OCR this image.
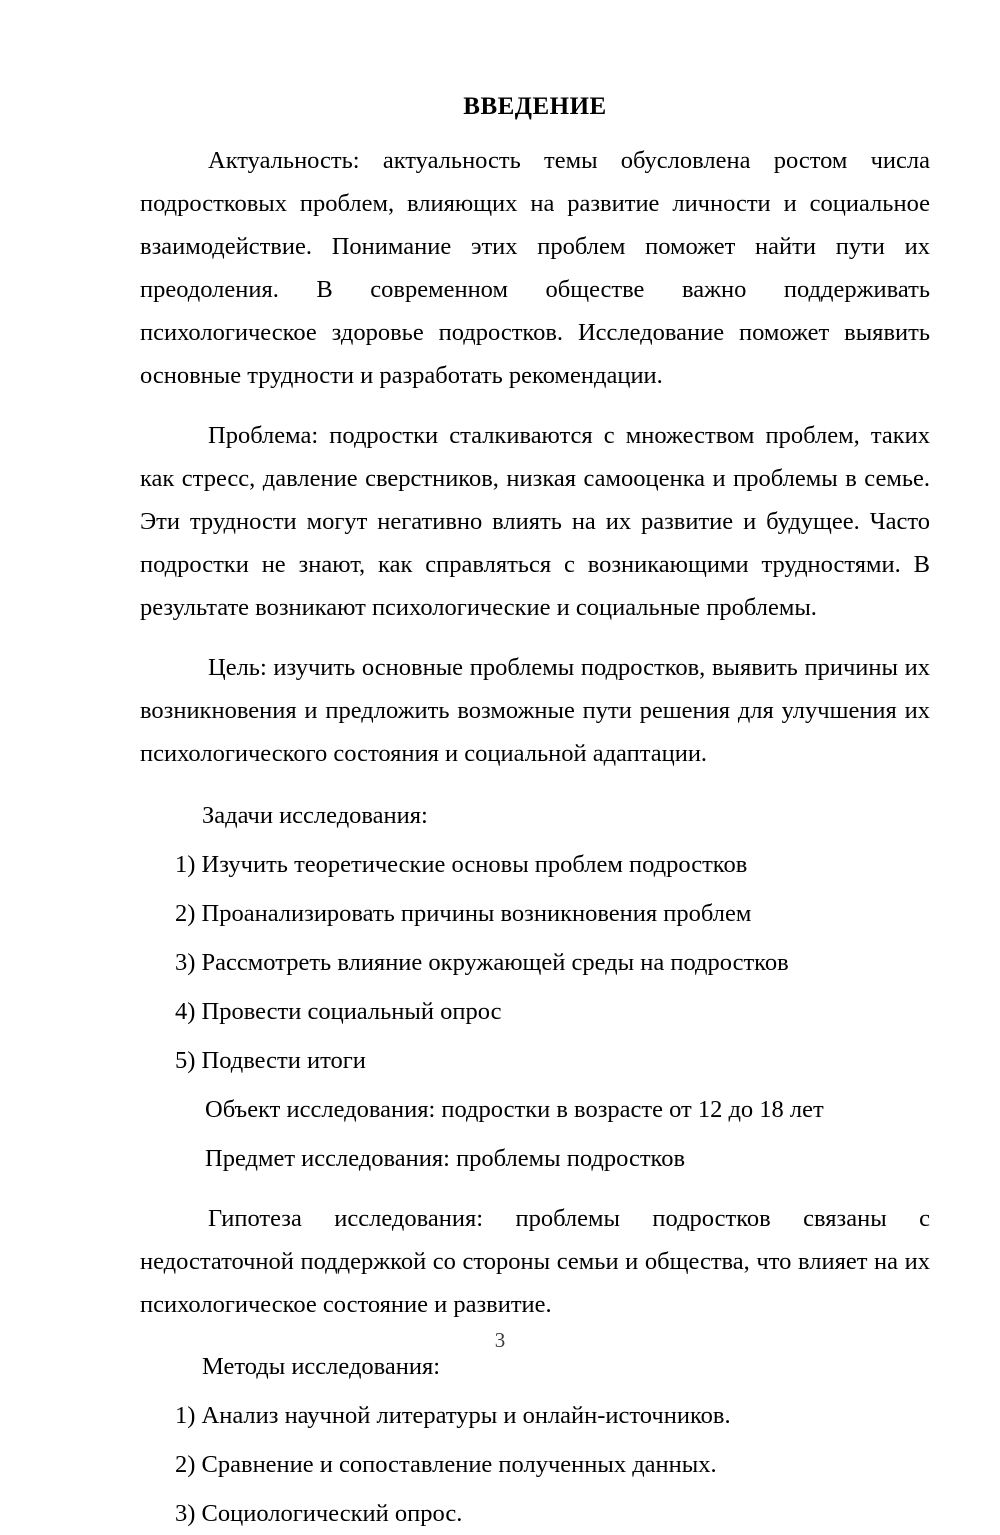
ВВЕДЕНИЕ

Актуальность: актуальность темы обусловлена ростом числа подростковых проблем, влияющих на развитие личности и социальное взаимодействие. Понимание этих проблем поможет найти пути их преодоления. В современном обществе важно поддерживать психологическое здоровье подростков. Исследование поможет выявить основные трудности и разработать рекомендации.

Проблема: подростки сталкиваются с множеством проблем, таких как стресс, давление сверстников, низкая самооценка и проблемы в семье. Эти трудности могут негативно влиять на их развитие и будущее. Часто подростки не знают, как справляться с возникающими трудностями. В результате возникают психологические и социальные проблемы.

Цель: изучить основные проблемы подростков, выявить причины их возникновения и предложить возможные пути решения для улучшения их психологического состояния и социальной адаптации.

Задачи исследования:
1) Изучить теоретические основы проблем подростков
2) Проанализировать причины возникновения проблем
3) Рассмотреть влияние окружающей среды на подростков
4) Провести социальный опрос
5) Подвести итоги
Объект исследования: подростки в возрасте от 12 до 18 лет
Предмет исследования: проблемы подростков

Гипотеза исследования: проблемы подростков связаны с недостаточной поддержкой со стороны семьи и общества, что влияет на их психологическое состояние и развитие.

Методы исследования:
1) Анализ научной литературы и онлайн-источников.
2) Сравнение и сопоставление полученных данных.
3) Социологический опрос.
3
